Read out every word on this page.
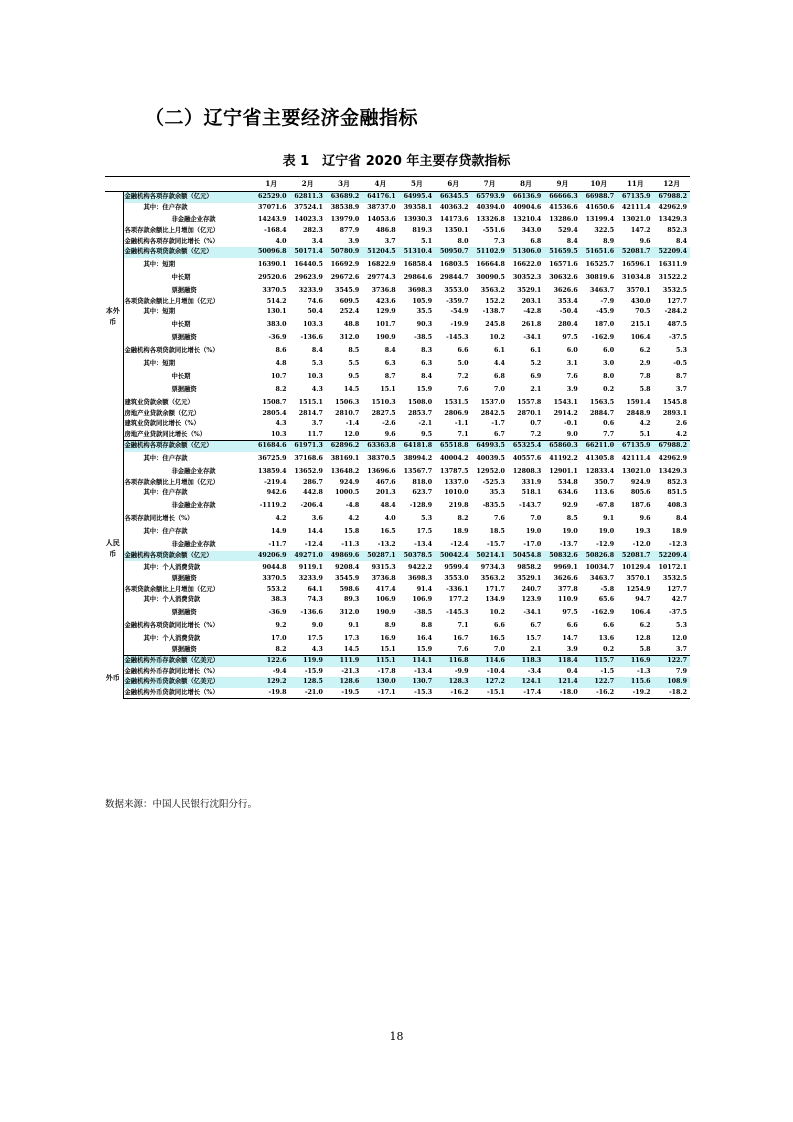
（二）辽宁省主要经济金融指标
表 1　辽宁省 2020 年主要存贷款指标
		1月	2月	3月	4月	5月	6月	7月	8月	9月	10月	11月	12月
本外币	金融机构各项存款余额（亿元）	62529.0	62811.3	63689.2	64176.1	64995.4	66345.5	65793.9	66136.9	66666.3	66988.7	67135.9	67988.2
	其中：住户存款	37071.6	37524.1	38538.9	38737.0	39358.1	40363.2	40394.0	40904.6	41536.6	41650.6	42111.4	42962.9
	非金融企业存款	14243.9	14023.3	13979.0	14053.6	13930.3	14173.6	13326.8	13210.4	13286.0	13199.4	13021.0	13429.3
	各项存款余额比上月增加（亿元）	-168.4	282.3	877.9	486.8	819.3	1350.1	-551.6	343.0	529.4	322.5	147.2	852.3
	金融机构各项存款同比增长（%）	4.0	3.4	3.9	3.7	5.1	8.0	7.3	6.8	8.4	8.9	9.6	8.4
	金融机构各项贷款余额（亿元）	50096.8	50171.4	50780.9	51204.5	51310.4	50950.7	51102.9	51306.0	51659.5	51651.6	52081.7	52209.4
	其中：短期	16390.1	16440.5	16692.9	16822.9	16858.4	16803.5	16664.8	16622.0	16571.6	16525.7	16596.1	16311.9
	中长期	29520.6	29623.9	29672.6	29774.3	29864.6	29844.7	30090.5	30352.3	30632.6	30819.6	31034.8	31522.2
	票据融资	3370.5	3233.9	3545.9	3736.8	3698.3	3553.0	3563.2	3529.1	3626.6	3463.7	3570.1	3532.5
	各项贷款余额比上月增加（亿元）	514.2	74.6	609.5	423.6	105.9	-359.7	152.2	203.1	353.4	-7.9	430.0	127.7
	其中：短期	130.1	50.4	252.4	129.9	35.5	-54.9	-138.7	-42.8	-50.4	-45.9	70.5	-284.2
	中长期	383.0	103.3	48.8	101.7	90.3	-19.9	245.8	261.8	280.4	187.0	215.1	487.5
	票据融资	-36.9	-136.6	312.0	190.9	-38.5	-145.3	10.2	-34.1	97.5	-162.9	106.4	-37.5
	金融机构各项贷款同比增长（%）	8.6	8.4	8.5	8.4	8.3	6.6	6.1	6.1	6.0	6.0	6.2	5.3
	其中：短期	4.8	5.3	5.5	6.3	6.3	5.0	4.4	5.2	3.1	3.0	2.9	-0.5
	中长期	10.7	10.3	9.5	8.7	8.4	7.2	6.8	6.9	7.6	8.0	7.8	8.7
	票据融资	8.2	4.3	14.5	15.1	15.9	7.6	7.0	2.1	3.9	0.2	5.8	3.7
	建筑业贷款余额（亿元）	1508.7	1515.1	1506.3	1510.3	1508.0	1531.5	1537.0	1557.8	1543.1	1563.5	1591.4	1545.8
	房地产业贷款余额（亿元）	2805.4	2814.7	2810.7	2827.5	2853.7	2806.9	2842.5	2870.1	2914.2	2884.7	2848.9	2893.1
	建筑业贷款同比增长（%）	4.3	3.7	-1.4	-2.6	-2.1	-1.1	-1.7	0.7	-0.1	0.6	4.2	2.6
	房地产业贷款同比增长（%）	10.3	11.7	12.0	9.6	9.5	7.1	6.7	7.2	9.0	7.7	5.1	4.2
人民币	金融机构各项存款余额（亿元）	61684.6	61971.3	62896.2	63363.8	64181.8	65518.8	64993.5	65325.4	65860.3	66211.0	67135.9	67988.2
	其中：住户存款	36725.9	37168.6	38169.1	38370.5	38994.2	40004.2	40039.5	40557.6	41192.2	41305.8	42111.4	42962.9
	非金融企业存款	13859.4	13652.9	13648.2	13696.6	13567.7	13787.5	12952.0	12808.3	12901.1	12833.4	13021.0	13429.3
	各项存款余额比上月增加（亿元）	-219.4	286.7	924.9	467.6	818.0	1337.0	-525.3	331.9	534.8	350.7	924.9	852.3
	其中：住户存款	942.6	442.8	1000.5	201.3	623.7	1010.0	35.3	518.1	634.6	113.6	805.6	851.5
	非金融企业存款	-1119.2	-206.4	-4.8	48.4	-128.9	219.8	-835.5	-143.7	92.9	-67.8	187.6	408.3
	各项存款同比增长（%）	4.2	3.6	4.2	4.0	5.3	8.2	7.6	7.0	8.5	9.1	9.6	8.4
	其中：住户存款	14.9	14.4	15.8	16.5	17.5	18.9	18.5	19.0	19.0	19.0	19.3	18.9
	非金融企业存款	-11.7	-12.4	-11.3	-13.2	-13.4	-12.4	-15.7	-17.0	-13.7	-12.9	-12.0	-12.3
	金融机构各项贷款余额（亿元）	49206.9	49271.0	49869.6	50287.1	50378.5	50042.4	50214.1	50454.8	50832.6	50826.8	52081.7	52209.4
	其中：个人消费贷款	9044.8	9119.1	9208.4	9315.3	9422.2	9599.4	9734.3	9858.2	9969.1	10034.7	10129.4	10172.1
	票据融资	3370.5	3233.9	3545.9	3736.8	3698.3	3553.0	3563.2	3529.1	3626.6	3463.7	3570.1	3532.5
	各项贷款余额比上月增加（亿元）	553.2	64.1	598.6	417.4	91.4	-336.1	171.7	240.7	377.8	-5.8	1254.9	127.7
	其中：个人消费贷款	38.3	74.3	89.3	106.9	106.9	177.2	134.9	123.9	110.9	65.6	94.7	42.7
	票据融资	-36.9	-136.6	312.0	190.9	-38.5	-145.3	10.2	-34.1	97.5	-162.9	106.4	-37.5
	金融机构各项贷款同比增长（%）	9.2	9.0	9.1	8.9	8.8	7.1	6.6	6.7	6.6	6.6	6.2	5.3
	其中：个人消费贷款	17.0	17.5	17.3	16.9	16.4	16.7	16.5	15.7	14.7	13.6	12.8	12.0
	票据融资	8.2	4.3	14.5	15.1	15.9	7.6	7.0	2.1	3.9	0.2	5.8	3.7
外币	金融机构外币存款余额（亿美元）	122.6	119.9	111.9	115.1	114.1	116.8	114.6	118.3	118.4	115.7	116.9	122.7
	金融机构外币存款同比增长（%）	-9.4	-15.9	-21.3	-17.8	-13.4	-9.9	-10.4	-3.4	0.4	-1.5	-1.3	7.9
	金融机构外币贷款余额（亿美元）	129.2	128.5	128.6	130.0	130.7	128.3	127.2	124.1	121.4	122.7	115.6	108.9
	金融机构外币贷款同比增长（%）	-19.8	-21.0	-19.5	-17.1	-15.3	-16.2	-15.1	-17.4	-18.0	-16.2	-19.2	-18.2
数据来源：中国人民银行沈阳分行。
18
